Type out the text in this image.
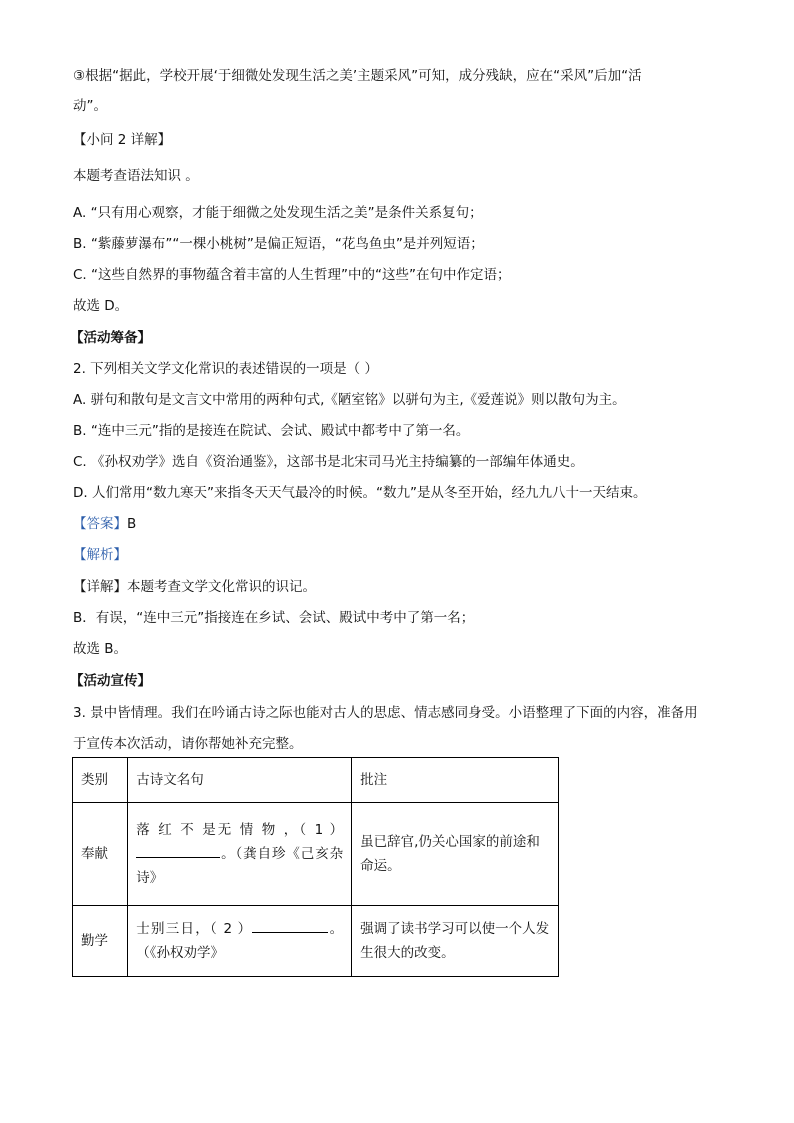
③根据“据此，学校开展‘于细微处发现生活之美’主题采风”可知，成分残缺，应在“采风”后加“活
动”。
【小问 2 详解】
本题考查语法知识 。
A. “只有用心观察，才能于细微之处发现生活之美”是条件关系复句；
B. “紫藤萝瀑布”“一棵小桃树”是偏正短语，“花鸟鱼虫”是并列短语；
C. “这些自然界的事物蕴含着丰富的人生哲理”中的“这些”在句中作定语；
故选 D。
【活动筹备】
2. 下列相关文学文化常识的表述错误的一项是（ ）
A. 骈句和散句是文言文中常用的两种句式,《陋室铭》以骈句为主,《爱莲说》则以散句为主。
B. “连中三元”指的是接连在院试、会试、殿试中都考中了第一名。
C. 《孙权劝学》选自《资治通鉴》，这部书是北宋司马光主持编纂的一部编年体通史。
D. 人们常用“数九寒天”来指冬天天气最冷的时候。“数九”是从冬至开始，经九九八十一天结束。
【答案】B
【解析】
【详解】本题考查文学文化常识的识记。
B．有误，“连中三元”指接连在乡试、会试、殿试中考中了第一名；
故选 B。
【活动宣传】
3. 景中皆情理。我们在吟诵古诗之际也能对古人的思虑、情志感同身受。小语整理了下面的内容，准备用
于宣传本次活动，请你帮她补充完整。
类别	古诗文名句	批注
奉献	落 红 不 是无 情 物 ，（ 1 ）。（龚自珍《己亥杂诗》	虽已辞官,仍关心国家的前途和命运。
勤学	士别三日，（ 2 ） 。（《孙权劝学》	强调了读书学习可以使一个人发生很大的改变。
